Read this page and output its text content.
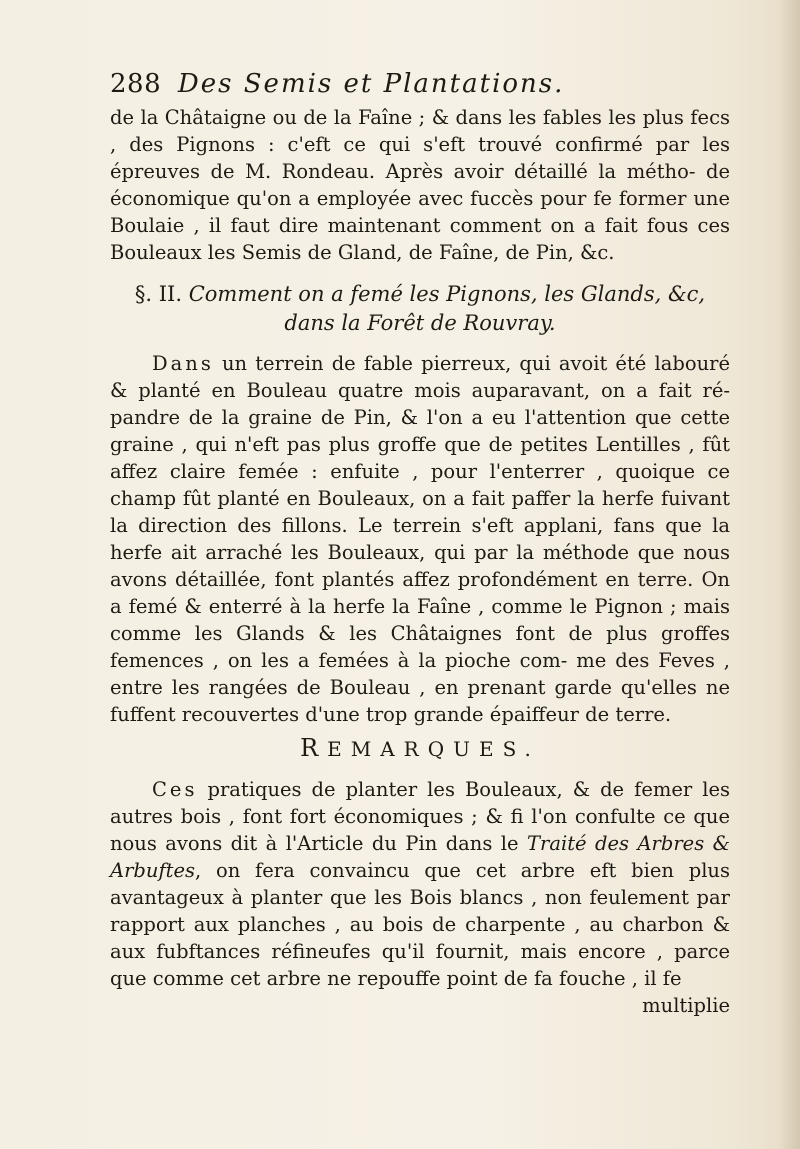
288 Des Semis et Plantations.

de la Châtaigne ou de la Faîne ; & dans les fables les plus fecs , des Pignons : c'eft ce qui s'eft trouvé confirmé par les épreuves de M. Rondeau. Après avoir détaillé la métho- de économique qu'on a employée avec fuccès pour fe former une Boulaie , il faut dire maintenant comment on a fait fous ces Bouleaux les Semis de Gland, de Faîne, de Pin, &c.

§. II. Comment on a femé les Pignons, les Glands, &c,
dans la Forêt de Rouvray.

Dans un terrein de fable pierreux, qui avoit été labouré & planté en Bouleau quatre mois auparavant, on a fait ré- pandre de la graine de Pin, & l'on a eu l'attention que cette graine , qui n'eft pas plus groffe que de petites Lentilles , fût affez claire femée : enfuite , pour l'enterrer , quoique ce champ fût planté en Bouleaux, on a fait paffer la herfe fuivant la direction des fillons. Le terrein s'eft applani, fans que la herfe ait arraché les Bouleaux, qui par la méthode que nous avons détaillée, font plantés affez profondément en terre. On a femé & enterré à la herfe la Faîne , comme le Pignon ; mais comme les Glands & les Châtaignes font de plus groffes femences , on les a femées à la pioche com- me des Feves , entre les rangées de Bouleau , en prenant garde qu'elles ne fuffent recouvertes d'une trop grande épaiffeur de terre.

REMARQUES.

Ces pratiques de planter les Bouleaux, & de femer les autres bois , font fort économiques ; & fi l'on confulte ce que nous avons dit à l'Article du Pin dans le Traité des Arbres & Arbuftes, on fera convaincu que cet arbre eft bien plus avantageux à planter que les Bois blancs , non feulement par rapport aux planches , au bois de charpente , au charbon & aux fubftances réfineufes qu'il fournit, mais encore , parce que comme cet arbre ne repouffe point de fa fouche , il fe

multiplie
